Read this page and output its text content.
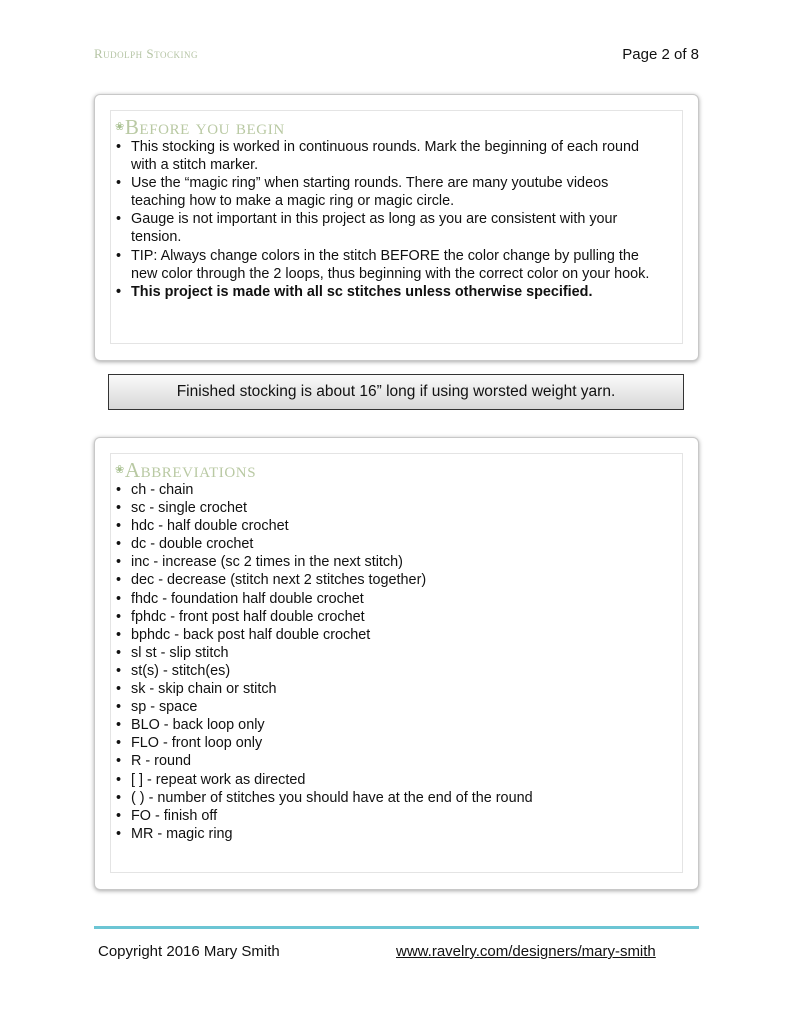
Rudolph Stocking	Page 2 of 8
❀Before you begin
• This stocking is worked in continuous rounds. Mark the beginning of each round with a stitch marker.
• Use the “magic ring” when starting rounds. There are many youtube videos teaching how to make a magic ring or magic circle.
• Gauge is not important in this project as long as you are consistent with your tension.
• TIP: Always change colors in the stitch BEFORE the color change by pulling the new color through the 2 loops, thus beginning with the correct color on your hook.
• This project is made with all sc stitches unless otherwise specified.
Finished stocking is about 16” long if using worsted weight yarn.
❀Abbreviations
• ch - chain
• sc - single crochet
• hdc - half double crochet
• dc - double crochet
• inc - increase (sc 2 times in the next stitch)
• dec - decrease (stitch next 2 stitches together)
• fhdc - foundation half double crochet
• fphdc - front post half double crochet
• bphdc - back post half double crochet
• sl st - slip stitch
• st(s) - stitch(es)
• sk - skip chain or stitch
• sp - space
• BLO - back loop only
• FLO - front loop only
• R - round
• [ ] - repeat work as directed
• ( ) - number of stitches you should have at the end of the round
• FO - finish off
• MR - magic ring
Copyright 2016 Mary Smith	www.ravelry.com/designers/mary-smith
